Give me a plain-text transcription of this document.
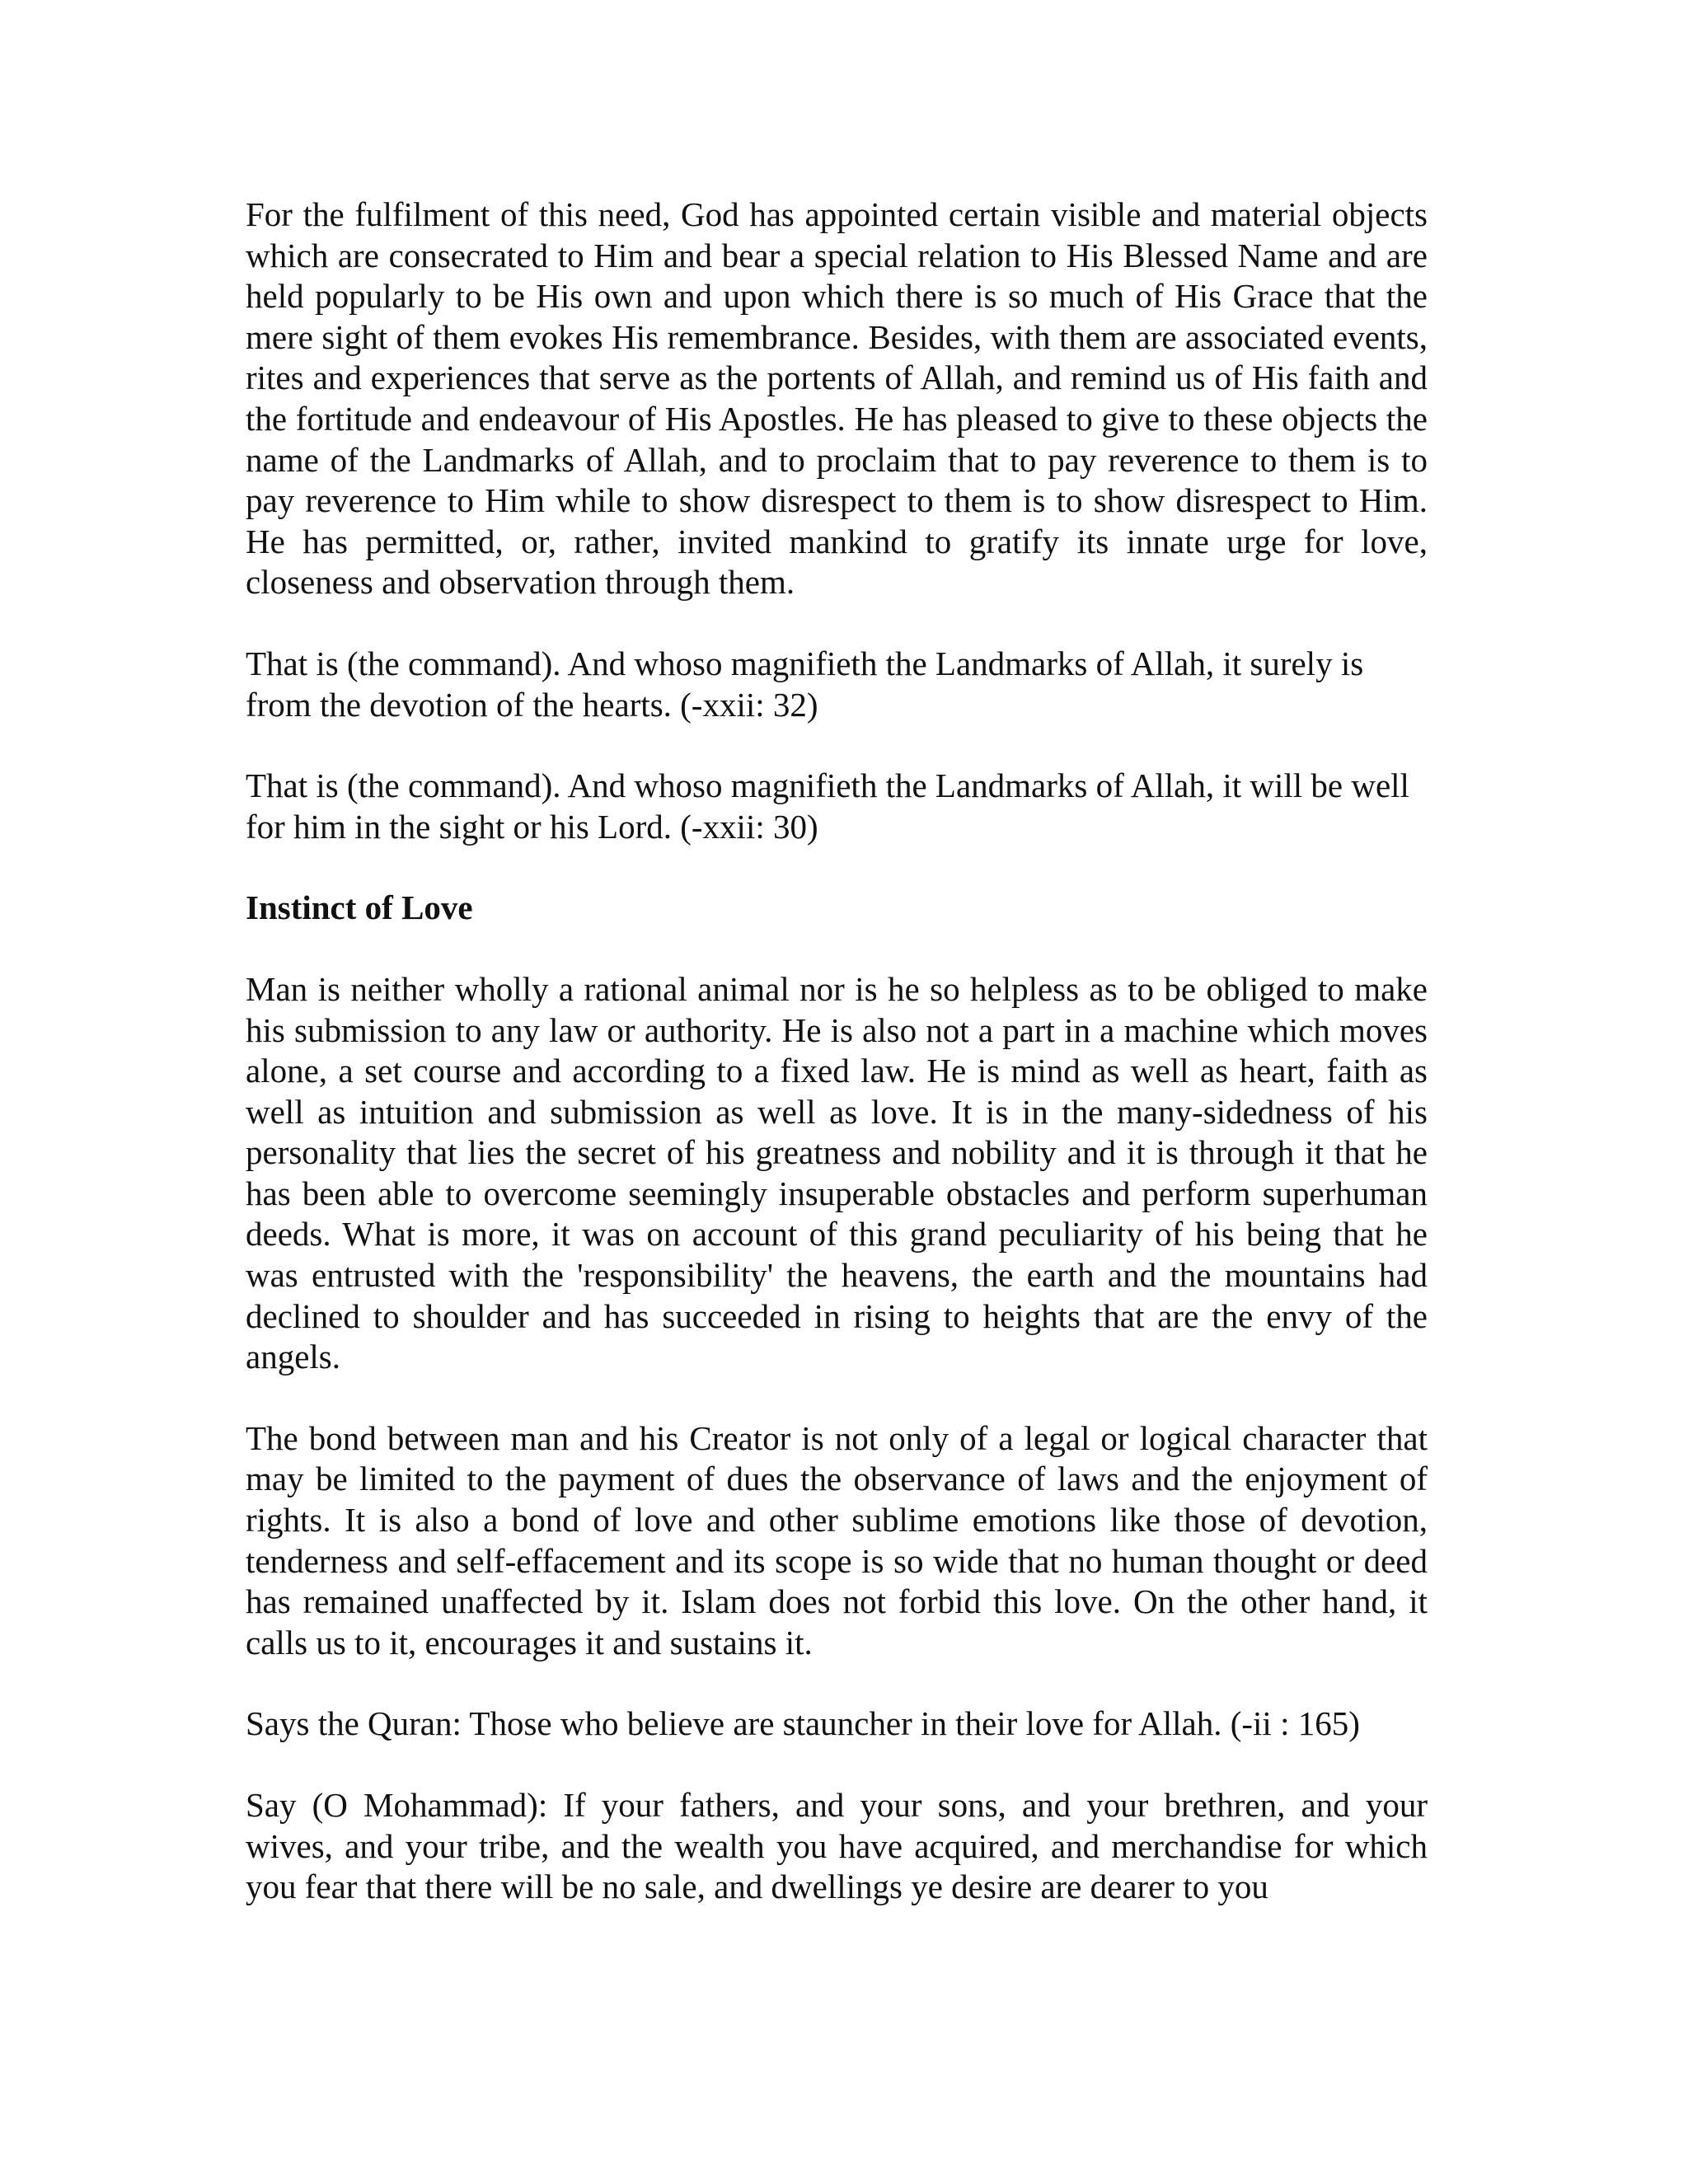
For the fulfilment of this need, God has appointed certain visible and material objects which are consecrated to Him and bear a special relation to His Blessed Name and are held popularly to be His own and upon which there is so much of His Grace that the mere sight of them evokes His remembrance. Besides, with them are associated events, rites and experiences that serve as the portents of Allah, and remind us of His faith and the fortitude and endeavour of His Apostles. He has pleased to give to these objects the name of the Landmarks of Allah, and to proclaim that to pay reverence to them is to pay reverence to Him while to show disrespect to them is to show disrespect to Him. He has permitted, or, rather, invited mankind to gratify its innate urge for love, closeness and observation through them.

That is (the command). And whoso magnifieth the Landmarks of Allah, it surely is from the devotion of the hearts. (-xxii: 32)

That is (the command). And whoso magnifieth the Landmarks of Allah, it will be well for him in the sight or his Lord. (-xxii: 30)

Instinct of Love

Man is neither wholly a rational animal nor is he so helpless as to be obliged to make his submission to any law or authority. He is also not a part in a machine which moves alone, a set course and according to a fixed law. He is mind as well as heart, faith as well as intuition and submission as well as love. It is in the many-sidedness of his personality that lies the secret of his greatness and nobility and it is through it that he has been able to overcome seemingly insuperable obstacles and perform superhuman deeds. What is more, it was on account of this grand peculiarity of his being that he was entrusted with the 'responsibility' the heavens, the earth and the mountains had declined to shoulder and has succeeded in rising to heights that are the envy of the angels.

The bond between man and his Creator is not only of a legal or logical character that may be limited to the payment of dues the observance of laws and the enjoyment of rights. It is also a bond of love and other sublime emotions like those of devotion, tenderness and self-effacement and its scope is so wide that no human thought or deed has remained unaffected by it. Islam does not forbid this love. On the other hand, it calls us to it, encourages it and sustains it.

Says the Quran: Those who believe are stauncher in their love for Allah. (-ii : 165)

Say (O Mohammad): If your fathers, and your sons, and your brethren, and your wives, and your tribe, and the wealth you have acquired, and merchandise for which you fear that there will be no sale, and dwellings ye desire are dearer to you
